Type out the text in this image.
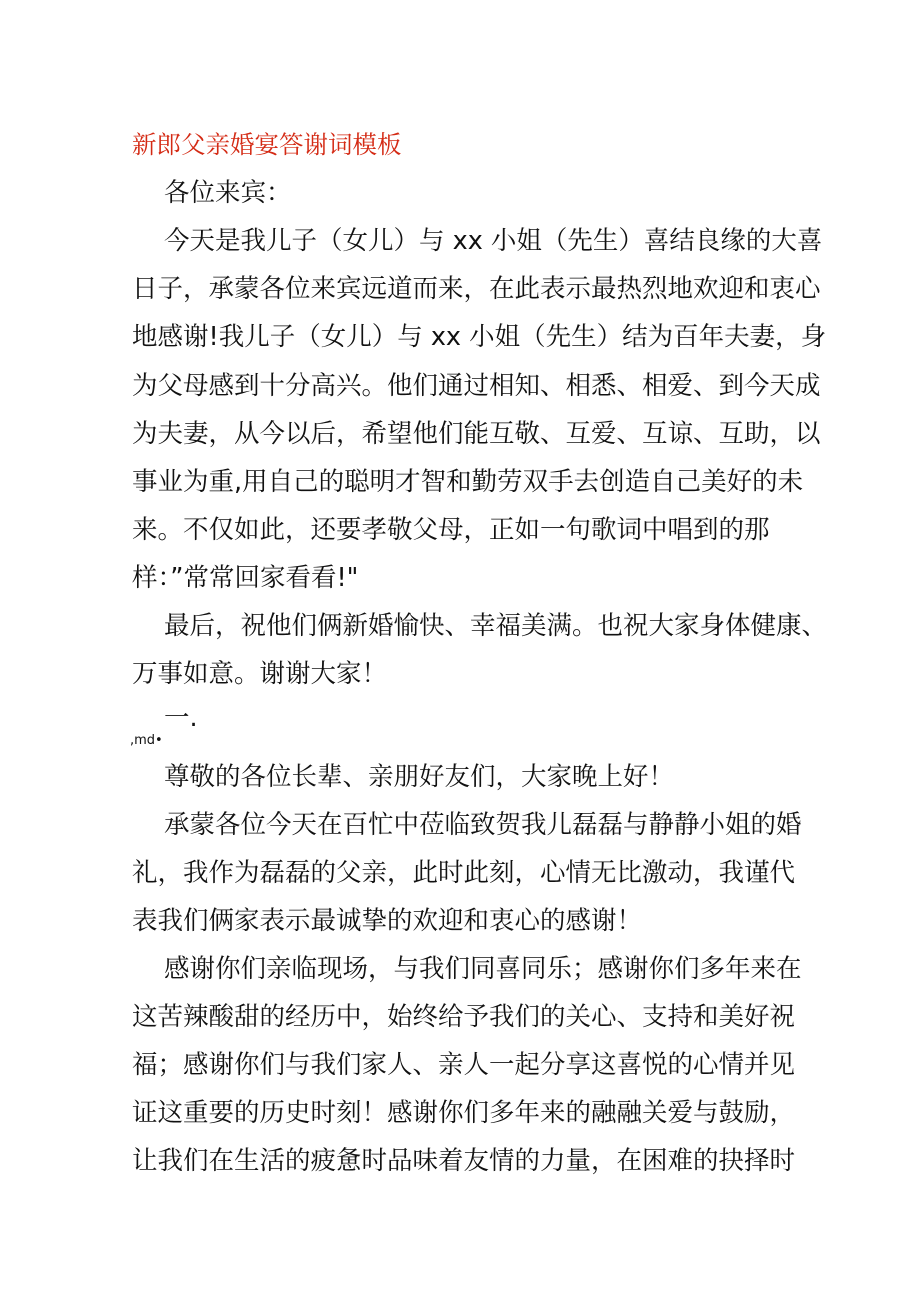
新郎父亲婚宴答谢词模板
各位来宾：
今天是我儿子（女儿）与 xx 小姐（先生）喜结良缘的大喜
日子，承蒙各位来宾远道而来，在此表示最热烈地欢迎和衷心
地感谢!我儿子（女儿）与 xx 小姐（先生）结为百年夫妻，身
为父母感到十分高兴。他们通过相知、相悉、相爱、到今天成
为夫妻，从今以后，希望他们能互敬、互爱、互谅、互助，以
事业为重,用自己的聪明才智和勤劳双手去创造自己美好的未
来。不仅如此，还要孝敬父母，正如一句歌词中唱到的那
样：”常常回家看看!"
最后，祝他们俩新婚愉快、幸福美满。也祝大家身体健康、
万事如意。谢谢大家！
一.
,md•
尊敬的各位长辈、亲朋好友们，大家晚上好！
承蒙各位今天在百忙中莅临致贺我儿磊磊与静静小姐的婚
礼，我作为磊磊的父亲，此时此刻，心情无比激动，我谨代
表我们俩家表示最诚挚的欢迎和衷心的感谢！
感谢你们亲临现场，与我们同喜同乐；感谢你们多年来在
这苦辣酸甜的经历中，始终给予我们的关心、支持和美好祝
福；感谢你们与我们家人、亲人一起分享这喜悦的心情并见
证这重要的历史时刻！感谢你们多年来的融融关爱与鼓励，
让我们在生活的疲惫时品味着友情的力量，在困难的抉择时
